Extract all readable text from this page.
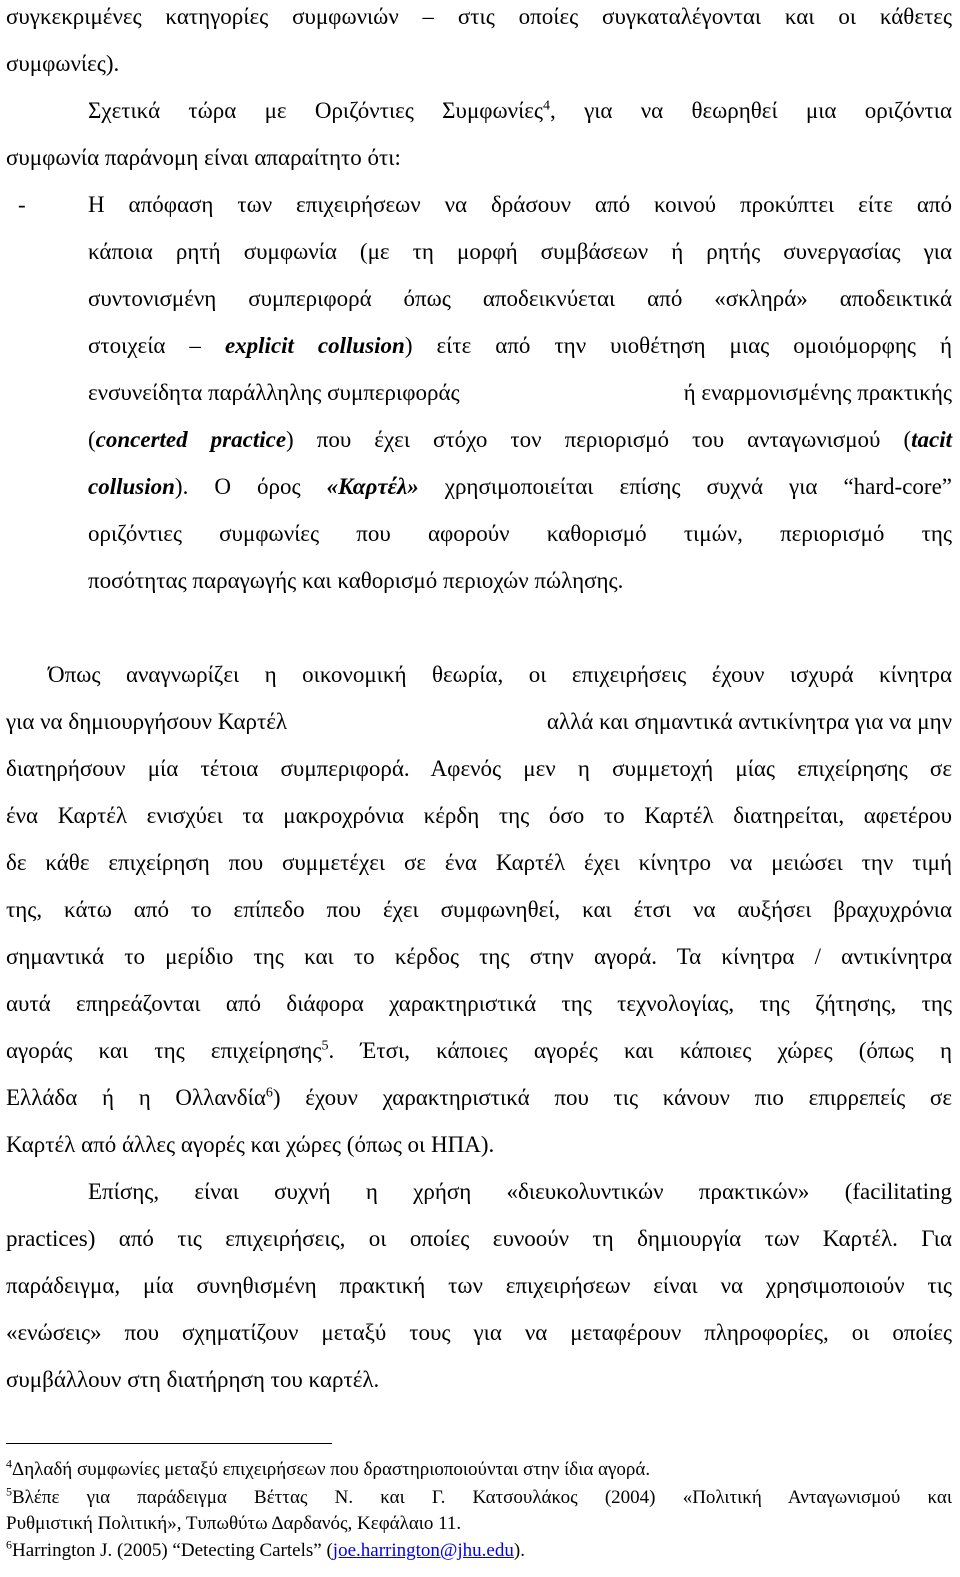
συγκεκριμένες κατηγορίες συμφωνιών – στις οποίες συγκαταλέγονται και οι κάθετες
συμφωνίες).
Σχετικά τώρα με Οριζόντιες Συμφωνίες$^4$, για να θεωρηθεί μια οριζόντια
συμφωνία παράνομη είναι απαραίτητο ότι:
-	Η απόφαση των επιχειρήσεων να δράσουν από κοινού προκύπτει είτε από
κάποια ρητή συμφωνία (με τη μορφή συμβάσεων ή ρητής συνεργασίας για
συντονισμένη συμπεριφορά όπως αποδεικνύεται από «σκληρά» αποδεικτικά
στοιχεία – explicit collusion) είτε από την υιοθέτηση μιας ομοιόμορφης ή
ενσυνείδητα παράλληλης συμπεριφοράς	ή εναρμονισμένης πρακτικής
(concerted practice) που έχει στόχο τον περιορισμό του ανταγωνισμού (tacit
collusion). Ο όρος «Καρτέλ» χρησιμοποιείται επίσης συχνά για “hard-core”
οριζόντιες συμφωνίες που αφορούν καθορισμό τιμών, περιορισμό της
ποσότητας παραγωγής και καθορισμό περιοχών πώλησης.
Όπως αναγνωρίζει η οικονομική θεωρία, οι επιχειρήσεις έχουν ισχυρά κίνητρα
για να δημιουργήσουν Καρτέλ	αλλά και σημαντικά αντικίνητρα για να μην
διατηρήσουν μία τέτοια συμπεριφορά. Αφενός μεν η συμμετοχή μίας επιχείρησης σε
ένα Καρτέλ ενισχύει τα μακροχρόνια κέρδη της όσο το Καρτέλ διατηρείται, αφετέρου
δε κάθε επιχείρηση που συμμετέχει σε ένα Καρτέλ έχει κίνητρο να μειώσει την τιμή
της, κάτω από το επίπεδο που έχει συμφωνηθεί, και έτσι να αυξήσει βραχυχρόνια
σημαντικά το μερίδιο της και το κέρδος της στην αγορά. Τα κίνητρα / αντικίνητρα
αυτά επηρεάζονται από διάφορα χαρακτηριστικά της τεχνολογίας, της ζήτησης, της
αγοράς και της επιχείρησης$^5$. Έτσι, κάποιες αγορές και κάποιες χώρες (όπως η
Ελλάδα ή η Ολλανδία$^6$) έχουν χαρακτηριστικά που τις κάνουν πιο επιρρεπείς σε
Καρτέλ από άλλες αγορές και χώρες (όπως οι ΗΠΑ).
Επίσης, είναι συχνή η χρήση «διευκολυντικών πρακτικών» (facilitating
practices) από τις επιχειρήσεις, οι οποίες ευνοούν τη δημιουργία των Καρτέλ. Για
παράδειγμα, μία συνηθισμένη πρακτική των επιχειρήσεων είναι να χρησιμοποιούν τις
«ενώσεις» που σχηματίζουν μεταξύ τους για να μεταφέρουν πληροφορίες, οι οποίες
συμβάλλουν στη διατήρηση του καρτέλ.
$^4$Δηλαδή συμφωνίες μεταξύ επιχειρήσεων που δραστηριοποιούνται στην ίδια αγορά.
$^5$Βλέπε για παράδειγμα Βέττας Ν. και Γ. Κατσουλάκος (2004) «Πολιτική Ανταγωνισμού και
Ρυθμιστική Πολιτική», Τυπωθύτω Δαρδανός, Κεφάλαιο 11.
$^6$Harrington J. (2005) “Detecting Cartels” (joe.harrington@jhu.edu).
